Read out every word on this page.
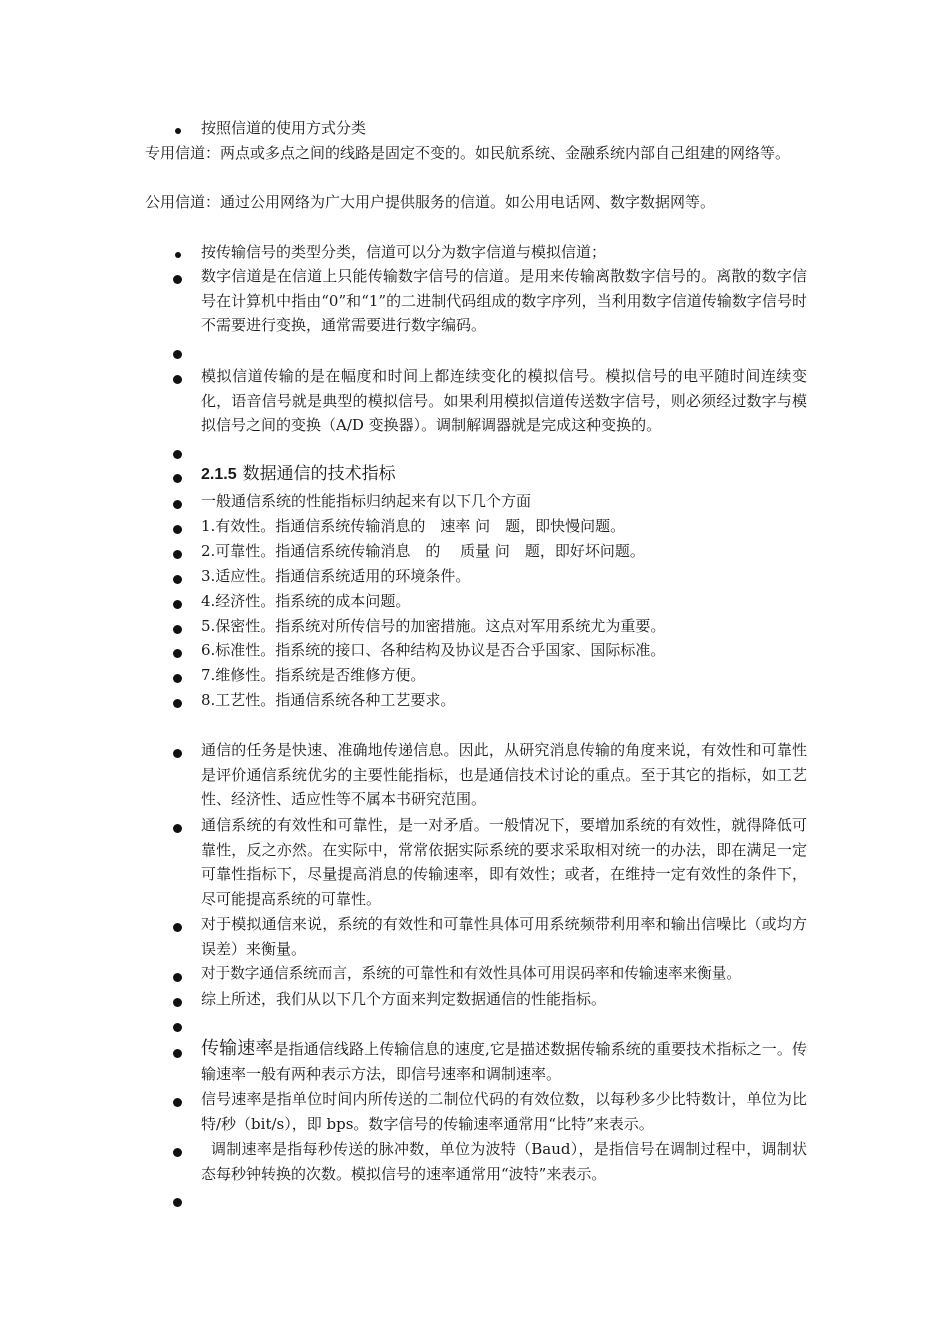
按照信道的使用方式分类
专用信道：两点或多点之间的线路是固定不变的。如民航系统、金融系统内部自己组建的网络等。
公用信道：通过公用网络为广大用户提供服务的信道。如公用电话网、数字数据网等。
按传输信号的类型分类，信道可以分为数字信道与模拟信道；
数字信道是在信道上只能传输数字信号的信道。是用来传输离散数字信号的。离散的数字信号在计算机中指由“0”和“1”的二进制代码组成的数字序列，当利用数字信道传输数字信号时不需要进行变换，通常需要进行数字编码。
模拟信道传输的是在幅度和时间上都连续变化的模拟信号。模拟信号的电平随时间连续变化，语音信号就是典型的模拟信号。如果利用模拟信道传送数字信号，则必须经过数字与模拟信号之间的变换（A/D 变换器）。调制解调器就是完成这种变换的。
2.1.5 数据通信的技术指标
一般通信系统的性能指标归纳起来有以下几个方面
1.有效性。指通信系统传输消息的　速率 问　题，即快慢问题。
2.可靠性。指通信系统传输消息　的　 质量 问　题，即好坏问题。
3.适应性。指通信系统适用的环境条件。
4.经济性。指系统的成本问题。
5.保密性。指系统对所传信号的加密措施。这点对军用系统尤为重要。
6.标准性。指系统的接口、各种结构及协议是否合乎国家、国际标准。
7.维修性。指系统是否维修方便。
8.工艺性。指通信系统各种工艺要求。
通信的任务是快速、准确地传递信息。因此，从研究消息传输的角度来说，有效性和可靠性是评价通信系统优劣的主要性能指标，也是通信技术讨论的重点。至于其它的指标，如工艺性、经济性、适应性等不属本书研究范围。
通信系统的有效性和可靠性，是一对矛盾。一般情况下，要增加系统的有效性，就得降低可靠性，反之亦然。在实际中，常常依据实际系统的要求采取相对统一的办法，即在满足一定可靠性指标下，尽量提高消息的传输速率，即有效性；或者，在维持一定有效性的条件下，尽可能提高系统的可靠性。
对于模拟通信来说，系统的有效性和可靠性具体可用系统频带利用率和输出信噪比（或均方误差）来衡量。
对于数字通信系统而言，系统的可靠性和有效性具体可用误码率和传输速率来衡量。
综上所述，我们从以下几个方面来判定数据通信的性能指标。
传输速率是指通信线路上传输信息的速度,它是描述数据传输系统的重要技术指标之一。传输速率一般有两种表示方法，即信号速率和调制速率。
信号速率是指单位时间内所传送的二制位代码的有效位数，以每秒多少比特数计，单位为比特/秒（bit/s），即 bps。数字信号的传输速率通常用“比特”来表示。
调制速率是指每秒传送的脉冲数，单位为波特（Baud），是指信号在调制过程中，调制状态每秒钟转换的次数。模拟信号的速率通常用“波特”来表示。
